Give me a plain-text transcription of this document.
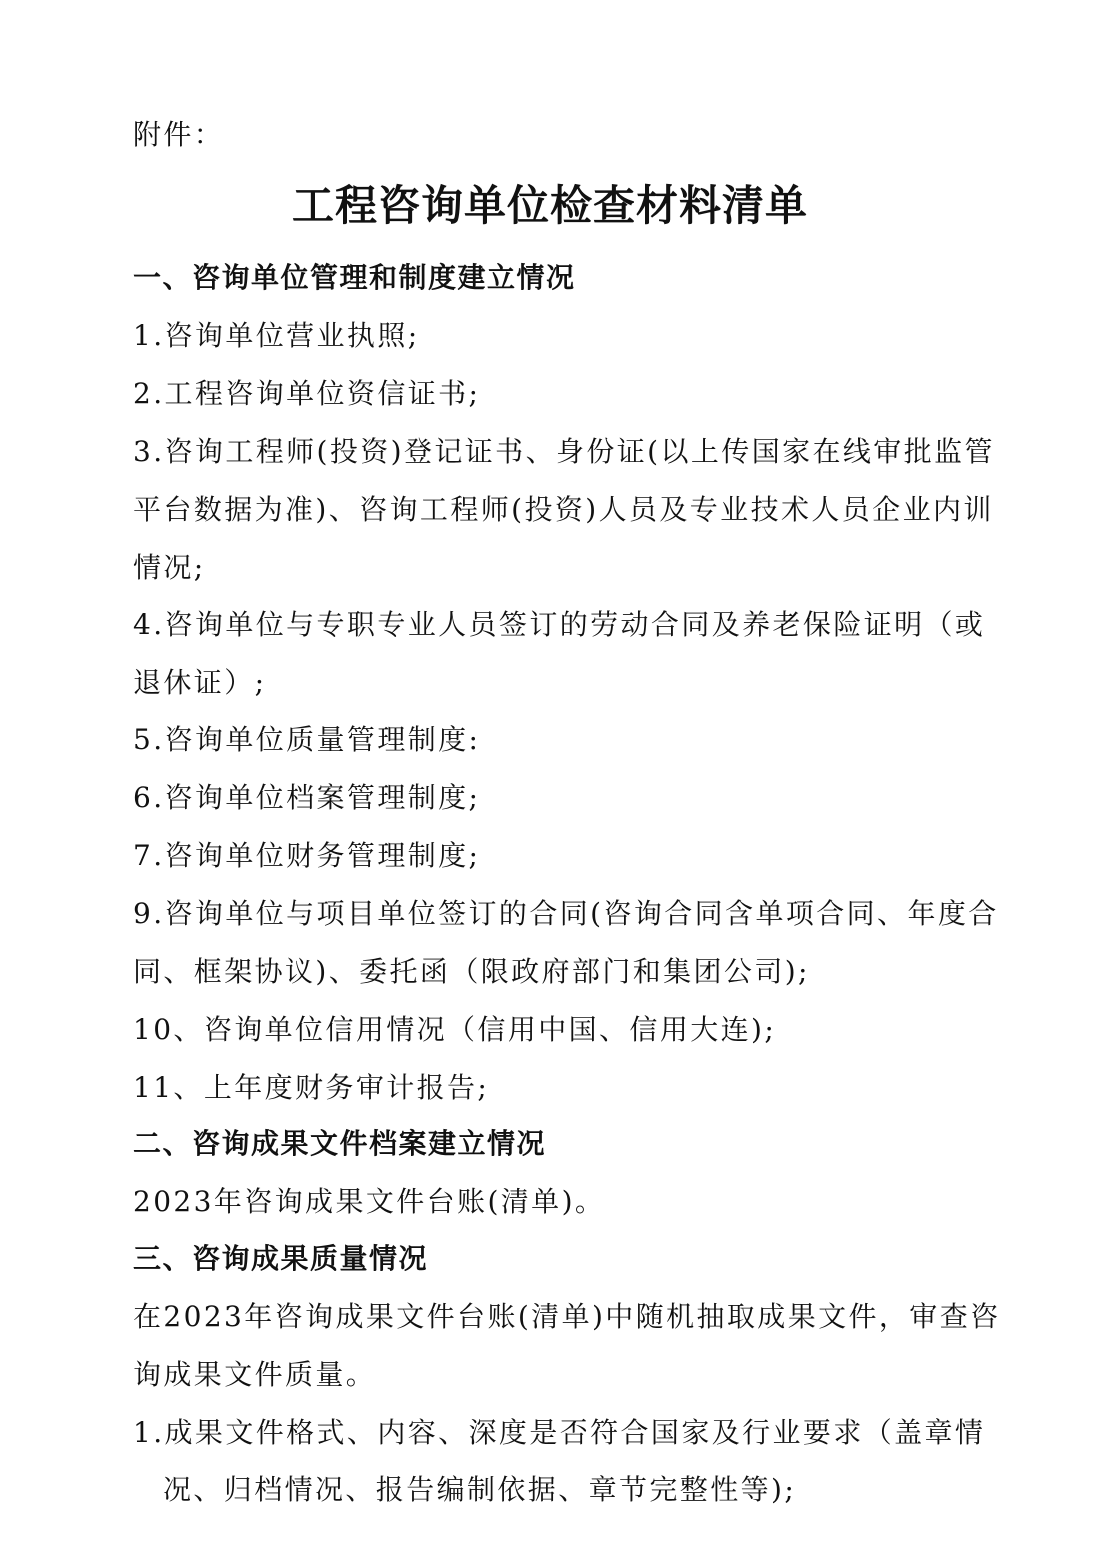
附件：
工程咨询单位检查材料清单
一、咨询单位管理和制度建立情况
1.咨询单位营业执照;
2.工程咨询单位资信证书;
3.咨询工程师(投资)登记证书、身份证(以上传国家在线审批监管
平台数据为准)、咨询工程师(投资)人员及专业技术人员企业内训
情况;
4.咨询单位与专职专业人员签订的劳动合同及养老保险证明（或
退休证）;
5.咨询单位质量管理制度:
6.咨询单位档案管理制度;
7.咨询单位财务管理制度;
9.咨询单位与项目单位签订的合同(咨询合同含单项合同、年度合
同、框架协议)、委托函（限政府部门和集团公司);
10、咨询单位信用情况（信用中国、信用大连);
11、上年度财务审计报告;
二、咨询成果文件档案建立情况
2023年咨询成果文件台账(清单)。
三、咨询成果质量情况
在2023年咨询成果文件台账(清单)中随机抽取成果文件，审查咨
询成果文件质量。
1.成果文件格式、内容、深度是否符合国家及行业要求（盖章情
况、归档情况、报告编制依据、章节完整性等);
